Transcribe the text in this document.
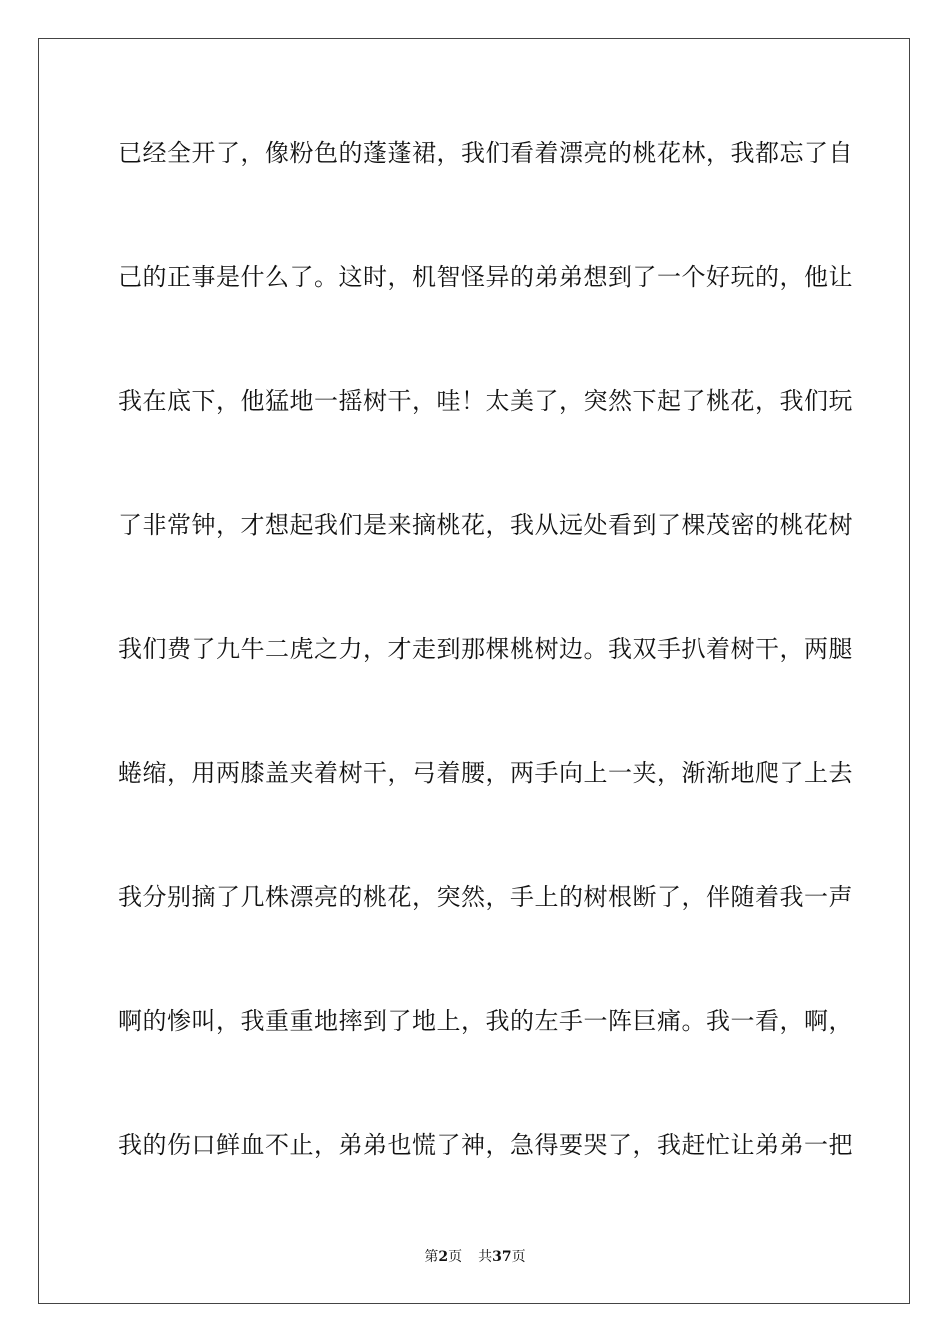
已经全开了，像粉色的蓬蓬裙，我们看着漂亮的桃花林，我都忘了自
己的正事是什么了。这时，机智怪异的弟弟想到了一个好玩的，他让
我在底下，他猛地一摇树干，哇！太美了，突然下起了桃花，我们玩
了非常钟，才想起我们是来摘桃花，我从远处看到了棵茂密的桃花树
我们费了九牛二虎之力，才走到那棵桃树边。我双手扒着树干，两腿
蜷缩，用两膝盖夹着树干，弓着腰，两手向上一夹，渐渐地爬了上去
我分别摘了几株漂亮的桃花，突然，手上的树根断了，伴随着我一声
啊的惨叫，我重重地摔到了地上，我的左手一阵巨痛。我一看，啊，
我的伤口鲜血不止，弟弟也慌了神，急得要哭了，我赶忙让弟弟一把
第2页 共37页
